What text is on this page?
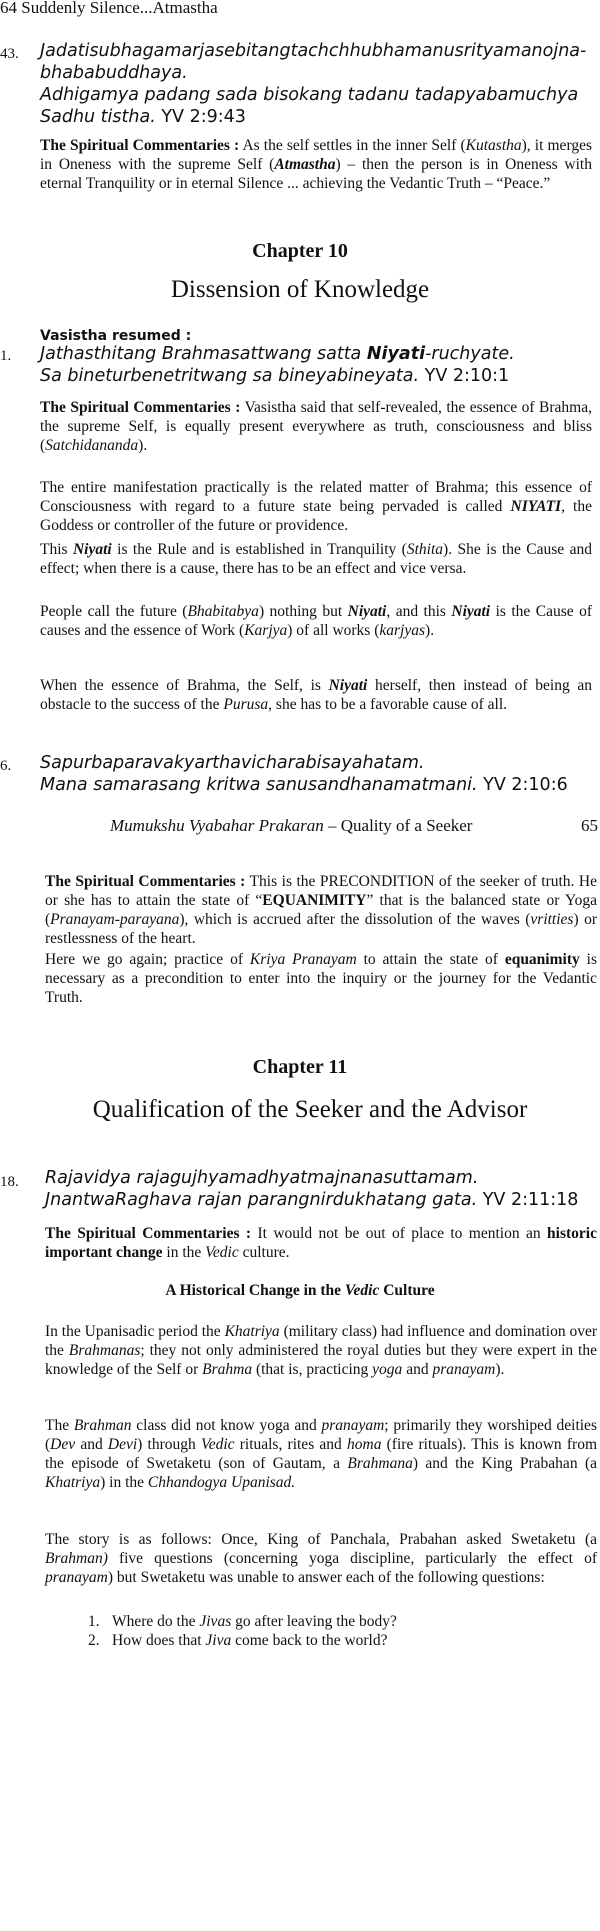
64 Suddenly Silence...Atmastha
43. Jadatisubhagamarjasebitangtachchhubhamanusrityamanojna-
bhababuddhaya.
Adhigamya padang sada bisokang tadanu tadapyabamuchya
Sadhu tistha. YV 2:9:43
The Spiritual Commentaries : As the self settles in the inner Self (Kutastha), it merges in Oneness with the supreme Self (Atmastha) – then the person is in Oneness with eternal Tranquility or in eternal Silence ... achieving the Vedantic Truth – “Peace.”
Chapter 10
Dissension of Knowledge
Vasistha resumed :
1. Jathasthitang Brahmasattwang satta Niyati-ruchyate.
Sa bineturbenetritwang sa bineyabineyata. YV 2:10:1
The Spiritual Commentaries : Vasistha said that self-revealed, the essence of Brahma, the supreme Self, is equally present everywhere as truth, consciousness and bliss (Satchidananda).
The entire manifestation practically is the related matter of Brahma; this essence of Consciousness with regard to a future state being pervaded is called NIYATI, the Goddess or controller of the future or providence.
This Niyati is the Rule and is established in Tranquility (Sthita). She is the Cause and effect; when there is a cause, there has to be an effect and vice versa.
People call the future (Bhabitabya) nothing but Niyati, and this Niyati is the Cause of causes and the essence of Work (Karjya) of all works (karjyas).
When the essence of Brahma, the Self, is Niyati herself, then instead of being an obstacle to the success of the Purusa, she has to be a favorable cause of all.
6. Sapurbaparavakyarthavicharabisayahatam.
Mana samarasang kritwa sanusandhanamatmani. YV 2:10:6
Mumukshu Vyabahar Prakaran – Quality of a Seeker	65
The Spiritual Commentaries : This is the PRECONDITION of the seeker of truth. He or she has to attain the state of “EQUANIMITY” that is the balanced state or Yoga (Pranayam-parayana), which is accrued after the dissolution of the waves (vritties) or restlessness of the heart.
Here we go again; practice of Kriya Pranayam to attain the state of equanimity is necessary as a precondition to enter into the inquiry or the journey for the Vedantic Truth.
Chapter 11
Qualification of the Seeker and the Advisor
18. Rajavidya rajagujhyamadhyatmajnanasuttamam.
JnantwaRaghava rajan parangnirdukhatang gata. YV 2:11:18
The Spiritual Commentaries : It would not be out of place to mention an historic important change in the Vedic culture.
A Historical Change in the Vedic Culture
In the Upanisadic period the Khatriya (military class) had influence and domination over the Brahmanas; they not only administered the royal duties but they were expert in the knowledge of the Self or Brahma (that is, practicing yoga and pranayam).
The Brahman class did not know yoga and pranayam; primarily they worshiped deities (Dev and Devi) through Vedic rituals, rites and homa (fire rituals). This is known from the episode of Swetaketu (son of Gautam, a Brahmana) and the King Prabahan (a Khatriya) in the Chhandogya Upanisad.
The story is as follows: Once, King of Panchala, Prabahan asked Swetaketu (a Brahman) five questions (concerning yoga discipline, particularly the effect of pranayam) but Swetaketu was unable to answer each of the following questions:
1. Where do the Jivas go after leaving the body?
2. How does that Jiva come back to the world?
